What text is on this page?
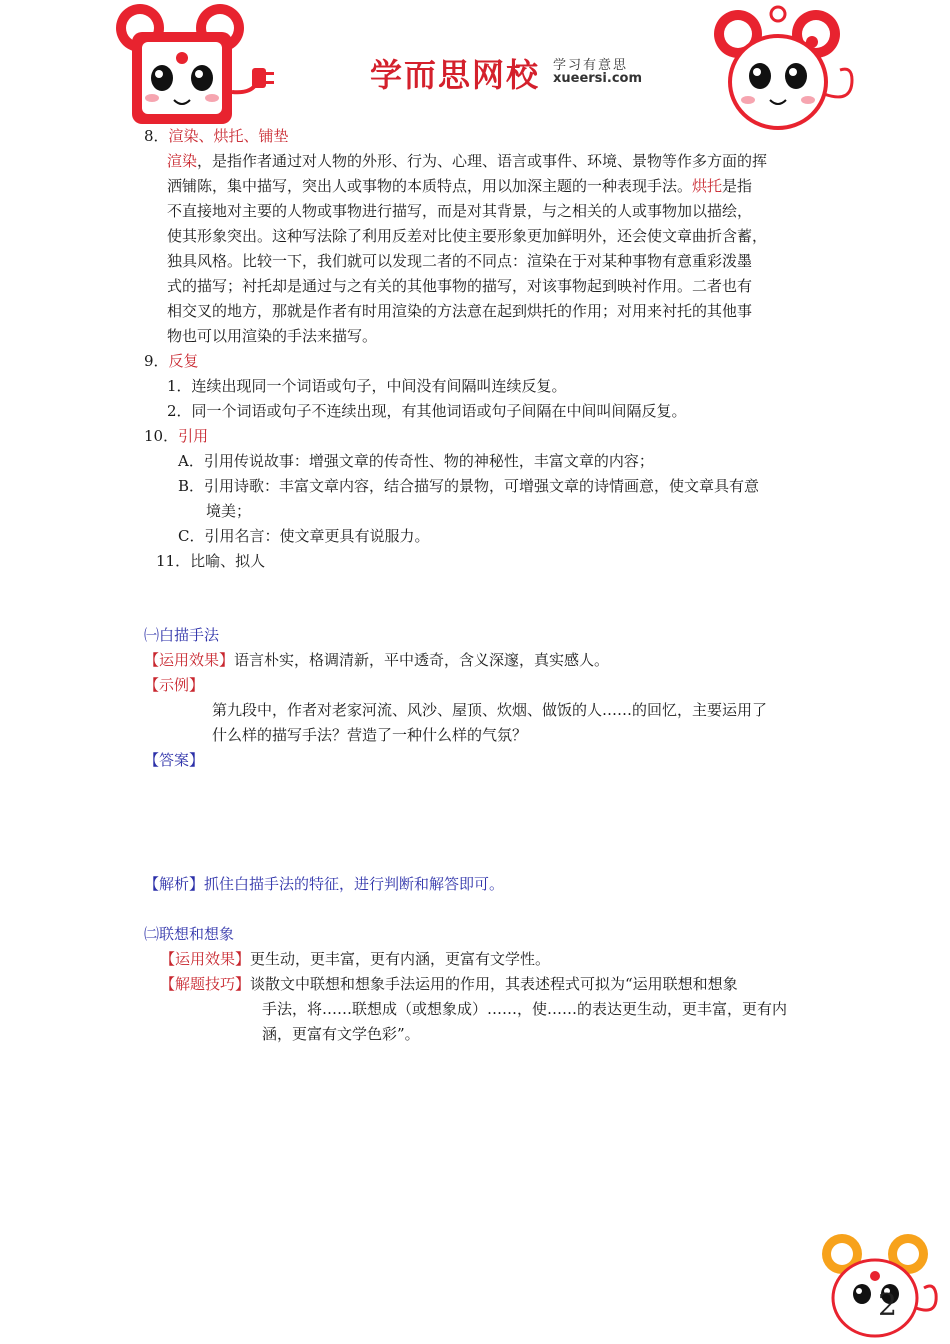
学而思网校 学习有意思
xueersi.com
8．渲染、烘托、铺垫
渲染，是指作者通过对人物的外形、行为、心理、语言或事件、环境、景物等作多方面的挥
洒铺陈，集中描写，突出人或事物的本质特点，用以加深主题的一种表现手法。烘托是指
不直接地对主要的人物或事物进行描写，而是对其背景，与之相关的人或事物加以描绘，
使其形象突出。这种写法除了利用反差对比使主要形象更加鲜明外，还会使文章曲折含蓄，
独具风格。比较一下，我们就可以发现二者的不同点：渲染在于对某种事物有意重彩泼墨
式的描写；衬托却是通过与之有关的其他事物的描写，对该事物起到映衬作用。二者也有
相交叉的地方，那就是作者有时用渲染的方法意在起到烘托的作用；对用来衬托的其他事
物也可以用渲染的手法来描写。
9．反复
1．连续出现同一个词语或句子，中间没有间隔叫连续反复。
2．同一个词语或句子不连续出现，有其他词语或句子间隔在中间叫间隔反复。
10．引用
A．引用传说故事：增强文章的传奇性、物的神秘性，丰富文章的内容；
B．引用诗歌：丰富文章内容，结合描写的景物，可增强文章的诗情画意，使文章具有意
境美；
C．引用名言：使文章更具有说服力。
11．比喻、拟人
㈠白描手法
【运用效果】语言朴实，格调清新，平中透奇，含义深邃，真实感人。
【示例】
第九段中，作者对老家河流、风沙、屋顶、炊烟、做饭的人……的回忆，主要运用了
什么样的描写手法？营造了一种什么样的气氛？
【答案】
【解析】抓住白描手法的特征，进行判断和解答即可。
㈡联想和想象
【运用效果】更生动，更丰富，更有内涵，更富有文学性。
【解题技巧】谈散文中联想和想象手法运用的作用，其表述程式可拟为“运用联想和想象
手法，将……联想成（或想象成）……，使……的表达更生动，更丰富，更有内
涵，更富有文学色彩”。
2
